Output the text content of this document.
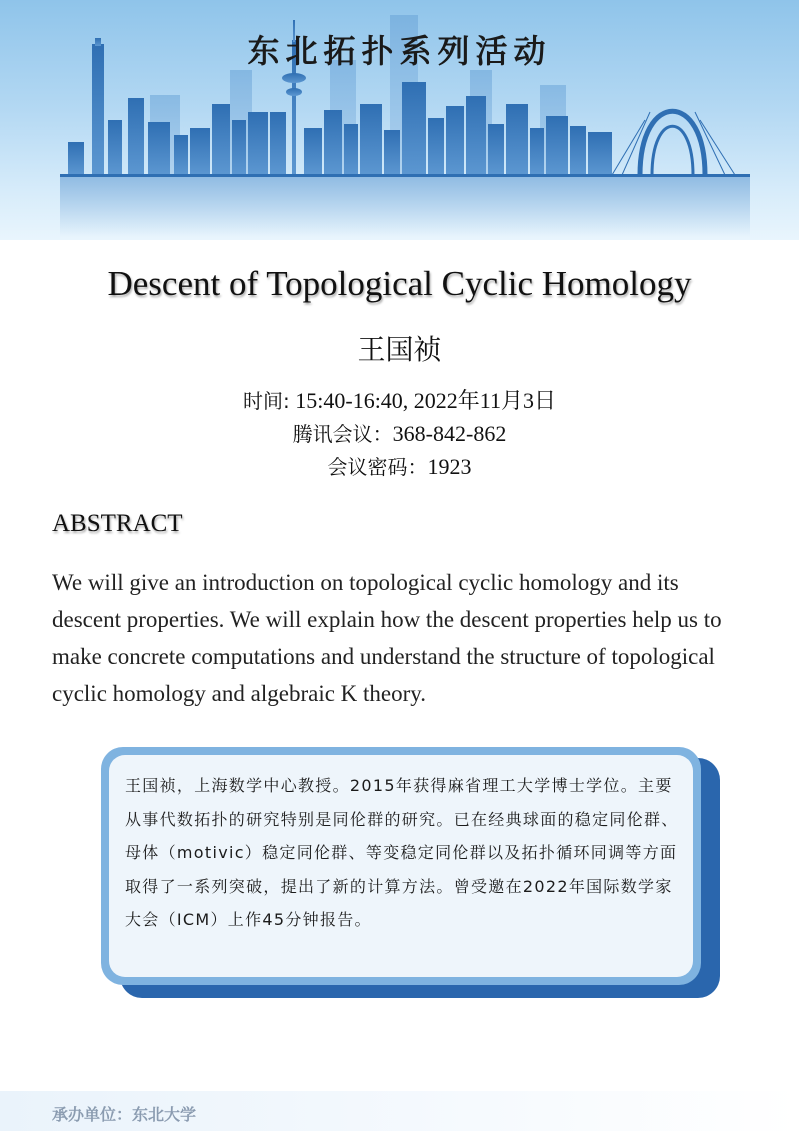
东北拓扑系列活动
Descent of Topological Cyclic Homology
王国祯
时间: 15:40-16:40, 2022年11月3日
腾讯会议：368-842-862
会议密码：1923
ABSTRACT
We will give an introduction on topological cyclic homology and its descent properties. We will explain how the descent properties help us to make concrete computations and understand the structure of topological cyclic homology and algebraic K theory.
王国祯，上海数学中心教授。2015年获得麻省理工大学博士学位。主要从事代数拓扑的研究特别是同伦群的研究。已在经典球面的稳定同伦群、母体（motivic）稳定同伦群、等变稳定同伦群以及拓扑循环同调等方面取得了一系列突破，提出了新的计算方法。曾受邀在2022年国际数学家大会（ICM）上作45分钟报告。
承办单位：东北大学
